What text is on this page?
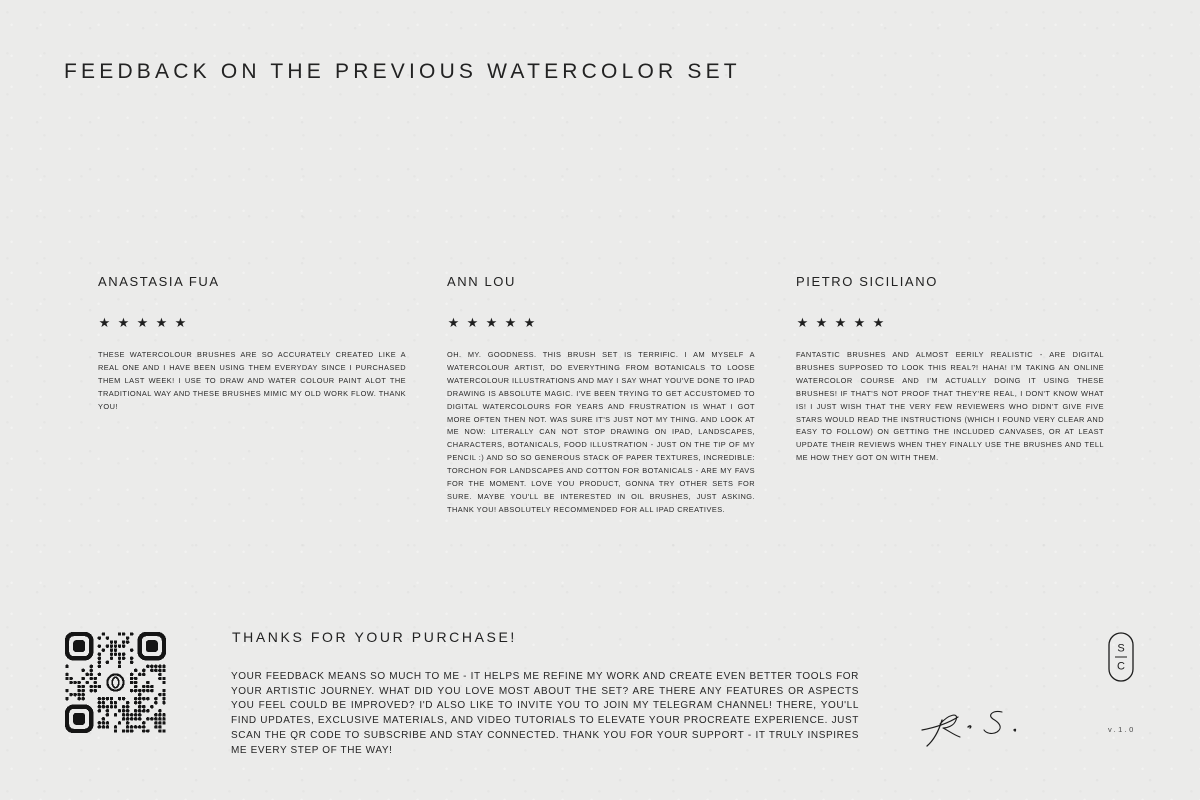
FEEDBACK ON THE PREVIOUS WATERCOLOR SET
ANASTASIA FUA
★ ★ ★ ★ ★
THESE WATERCOLOUR BRUSHES ARE SO ACCURATELY CREATED LIKE A REAL ONE AND I HAVE BEEN USING THEM EVERYDAY SINCE I PURCHASED THEM LAST WEEK! I USE TO DRAW AND WATER COLOUR PAINT ALOT THE TRADITIONAL WAY AND THESE BRUSHES MIMIC MY OLD WORK FLOW. THANK YOU!
ANN LOU
★ ★ ★ ★ ★
OH. MY. GOODNESS. THIS BRUSH SET IS TERRIFIC. I AM MYSELF A WATERCOLOUR ARTIST, DO EVERYTHING FROM BOTANICALS TO LOOSE WATERCOLOUR ILLUSTRATIONS AND MAY I SAY WHAT YOU'VE DONE TO IPAD DRAWING IS ABSOLUTE MAGIC. I'VE BEEN TRYING TO GET ACCUSTOMED TO DIGITAL WATERCOLOURS FOR YEARS AND FRUSTRATION IS WHAT I GOT MORE OFTEN THEN NOT. WAS SURE IT'S JUST NOT MY THING. AND LOOK AT ME NOW: LITERALLY CAN NOT STOP DRAWING ON IPAD, LANDSCAPES, CHARACTERS, BOTANICALS, FOOD ILLUSTRATION - JUST ON THE TIP OF MY PENCIL :) AND SO SO GENEROUS STACK OF PAPER TEXTURES, INCREDIBLE: TORCHON FOR LANDSCAPES AND COTTON FOR BOTANICALS - ARE MY FAVS FOR THE MOMENT. LOVE YOU PRODUCT, GONNA TRY OTHER SETS FOR SURE. MAYBE YOU'LL BE INTERESTED IN OIL BRUSHES, JUST ASKING. THANK YOU! ABSOLUTELY RECOMMENDED FOR ALL IPAD CREATIVES.
PIETRO SICILIANO
★ ★ ★ ★ ★
FANTASTIC BRUSHES AND ALMOST EERILY REALISTIC - ARE DIGITAL BRUSHES SUPPOSED TO LOOK THIS REAL?! HAHA! I'M TAKING AN ONLINE WATERCOLOR COURSE AND I'M ACTUALLY DOING IT USING THESE BRUSHES! IF THAT'S NOT PROOF THAT THEY'RE REAL, I DON'T KNOW WHAT IS! I JUST WISH THAT THE VERY FEW REVIEWERS WHO DIDN'T GIVE FIVE STARS WOULD READ THE INSTRUCTIONS (WHICH I FOUND VERY CLEAR AND EASY TO FOLLOW) ON GETTING THE INCLUDED CANVASES, OR AT LEAST UPDATE THEIR REVIEWS WHEN THEY FINALLY USE THE BRUSHES AND TELL ME HOW THEY GOT ON WITH THEM.
THANKS FOR YOUR PURCHASE!
YOUR FEEDBACK MEANS SO MUCH TO ME - IT HELPS ME REFINE MY WORK AND CREATE EVEN BETTER TOOLS FOR YOUR ARTISTIC JOURNEY. WHAT DID YOU LOVE MOST ABOUT THE SET? ARE THERE ANY FEATURES OR ASPECTS YOU FEEL COULD BE IMPROVED? I'D ALSO LIKE TO INVITE YOU TO JOIN MY TELEGRAM CHANNEL! THERE, YOU'LL FIND UPDATES, EXCLUSIVE MATERIALS, AND VIDEO TUTORIALS TO ELEVATE YOUR PROCREATE EXPERIENCE. JUST SCAN THE QR CODE TO SUBSCRIBE AND STAY CONNECTED. THANK YOU FOR YOUR SUPPORT - IT TRULY INSPIRES ME EVERY STEP OF THE WAY!
S
C
v.1.0
